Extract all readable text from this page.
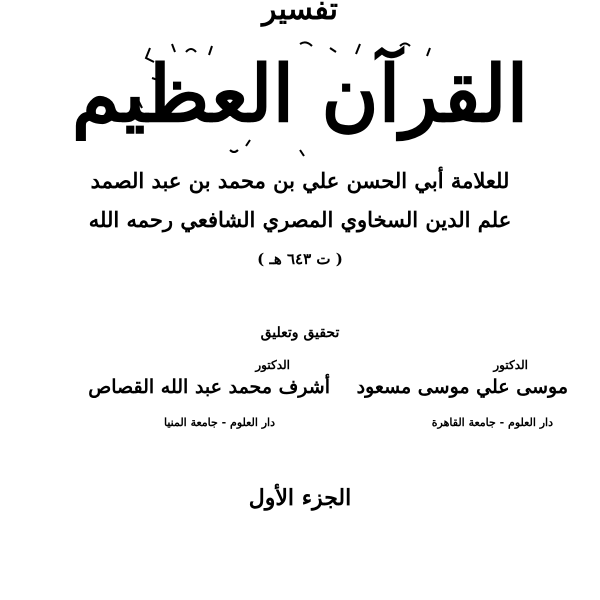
تفسير
القرآن العظيم
للعلامة أبي الحسن علي بن محمد بن عبد الصمد
علم الدين السخاوي المصري الشافعي رحمه الله
( ت ٦٤٣ هـ )
تحقيق وتعليق
الدكتور
موسى علي موسى مسعود
دار العلوم - جامعة القاهرة
الدكتور
أشرف محمد عبد الله القصاص
دار العلوم - جامعة المنيا
الجزء الأول
